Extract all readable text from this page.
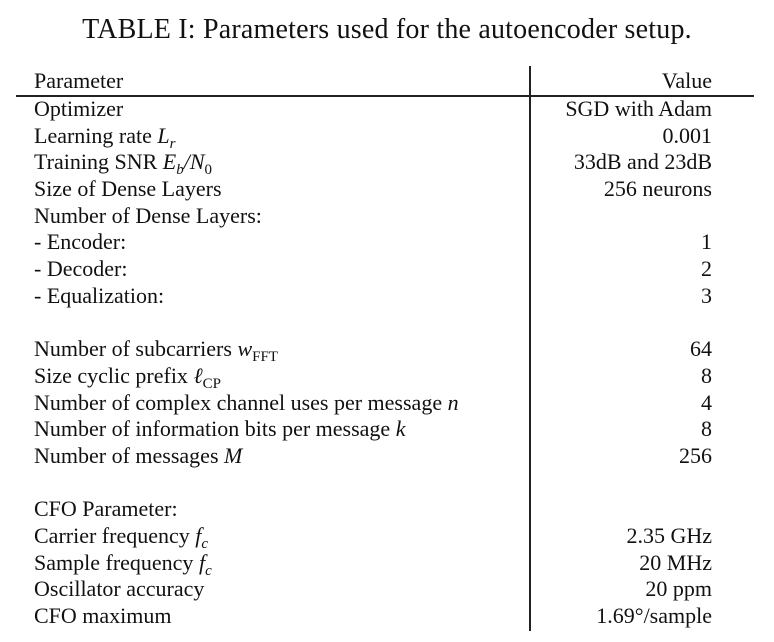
TABLE I: Parameters used for the autoencoder setup.
Parameter	Value
Optimizer	SGD with Adam
Learning rate $L_r$	0.001
Training SNR $E_b/N_0$	33dB and 23dB
Size of Dense Layers	256 neurons
Number of Dense Layers:
- Encoder:	1
- Decoder:	2
- Equalization:	3
Number of subcarriers $w_{FFT}$	64
Size cyclic prefix ℓ$_{CP}$	8
Number of complex channel uses per message n	4
Number of information bits per message k	8
Number of messages M	256
CFO Parameter:
Carrier frequency $f_c$	2.35 GHz
Sample frequency $f_c$	20 MHz
Oscillator accuracy	20 ppm
CFO maximum	1.69°/sample
